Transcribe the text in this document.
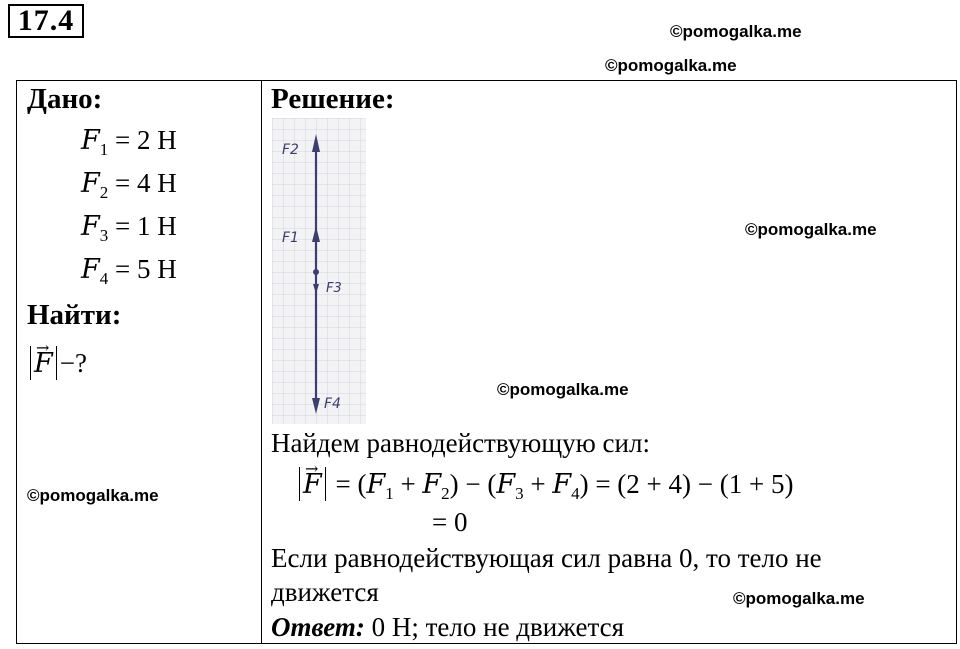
17.4	©pomogalka.me
©pomogalka.me
©pomogalka.me
©pomogalka.me
©pomogalka.me
©pomogalka.me
Дано:
$F_1 = 2$ Н
$F_2 = 4$ Н
$F_3 = 1$ Н
$F_4 = 5$ Н
Найти:
→ F −?
Решение:
F2
F1
F3
F4
Найдем равнодействующую сил:
→ $F = (F_1 + F_2) - (F_3 + F_4) = (2 + 4) - (1 + 5)$
= 0
Если равнодействующая сил равна 0, то тело не
движется
Ответ: 0 Н; тело не движется
